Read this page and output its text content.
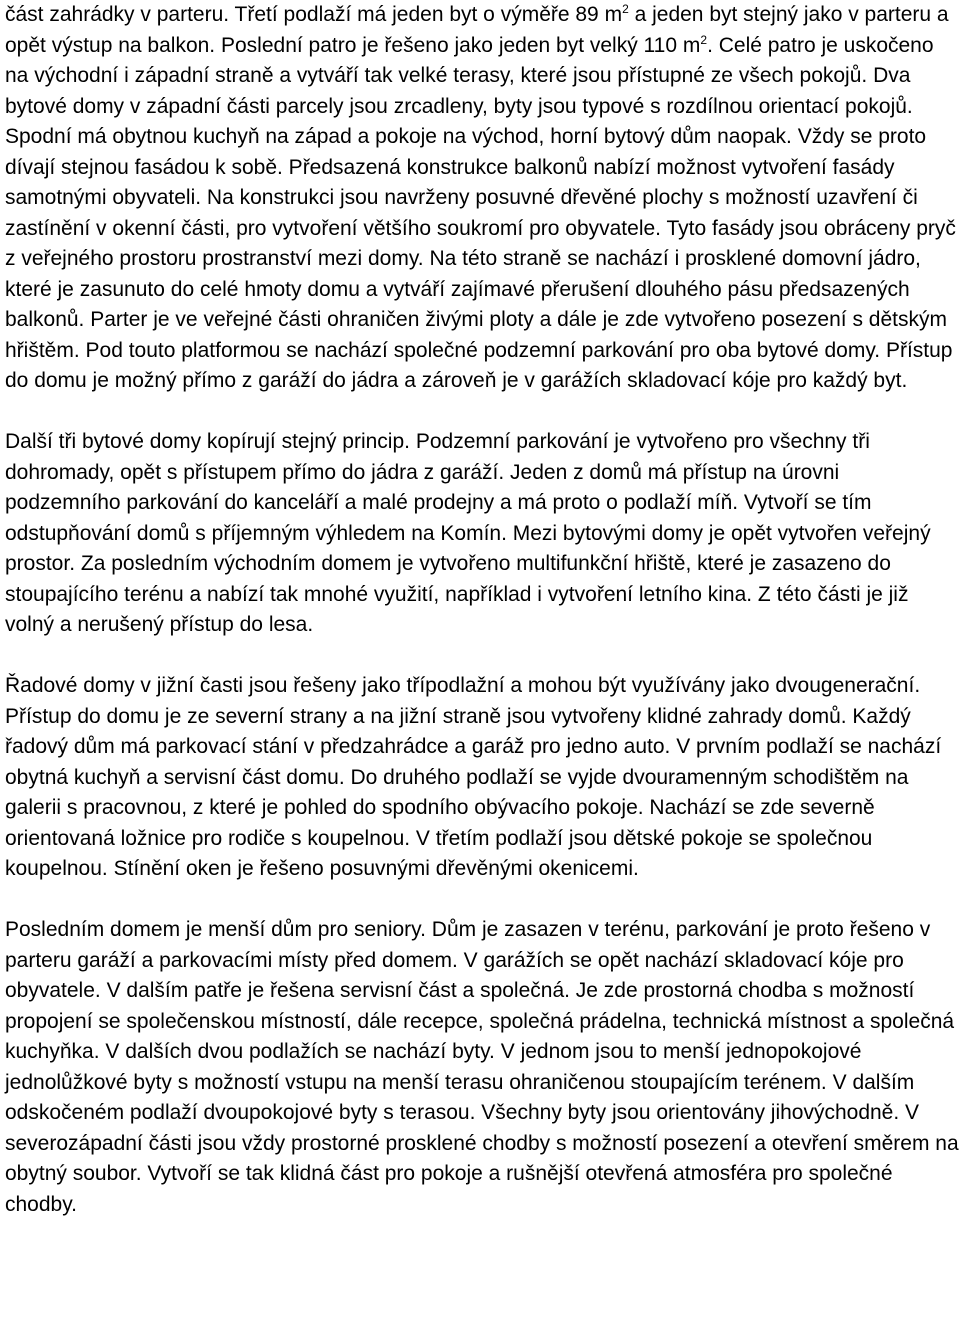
část zahrádky v parteru. Třetí podlaží má jeden byt o výměře 89 $m^2$ a jeden byt stejný jako v parteru a opět výstup na balkon. Poslední patro je řešeno jako jeden byt velký 110 $m^2$. Celé patro je uskočeno na východní i západní straně a vytváří tak velké terasy, které jsou přístupné ze všech pokojů. Dva bytové domy v západní části parcely jsou zrcadleny, byty jsou typové s rozdílnou orientací pokojů. Spodní má obytnou kuchyň na západ a pokoje na východ, horní bytový dům naopak. Vždy se proto dívají stejnou fasádou k sobě. Předsazená konstrukce balkonů nabízí možnost vytvoření fasády samotnými obyvateli. Na konstrukci jsou navrženy posuvné dřevěné plochy s možností uzavření či zastínění v okenní části, pro vytvoření většího soukromí pro obyvatele. Tyto fasády jsou obráceny pryč z veřejného prostoru prostranství mezi domy. Na této straně se nachází i prosklené domovní jádro, které je zasunuto do celé hmoty domu a vytváří zajímavé přerušení dlouhého pásu předsazených balkonů. Parter je ve veřejné části ohraničen živými ploty a dále je zde vytvořeno posezení s dětským hřištěm. Pod touto platformou se nachází společné podzemní parkování pro oba bytové domy. Přístup do domu je možný přímo z garáží do jádra a zároveň je v garážích skladovací kóje pro každý byt.

Další tři bytové domy kopírují stejný princip. Podzemní parkování je vytvořeno pro všechny tři dohromady, opět s přístupem přímo do jádra z garáží. Jeden z domů má přístup na úrovni podzemního parkování do kanceláří a malé prodejny a má proto o podlaží míň. Vytvoří se tím odstupňování domů s příjemným výhledem na Komín. Mezi bytovými domy je opět vytvořen veřejný prostor. Za posledním východním domem je vytvořeno multifunkční hřiště, které je zasazeno do stoupajícího terénu a nabízí tak mnohé využití, například i vytvoření letního kina. Z této části je již volný a nerušený přístup do lesa.

Řadové domy v jižní časti jsou řešeny jako třípodlažní a mohou být využívány jako dvougenerační. Přístup do domu je ze severní strany a na jižní straně jsou vytvořeny klidné zahrady domů. Každý řadový dům má parkovací stání v předzahrádce a garáž pro jedno auto. V prvním podlaží se nachází obytná kuchyň a servisní část domu. Do druhého podlaží se vyjde dvouramenným schodištěm na galerii s pracovnou, z které je pohled do spodního obývacího pokoje. Nachází se zde severně orientovaná ložnice pro rodiče s koupelnou. V třetím podlaží jsou dětské pokoje se společnou koupelnou. Stínění oken je řešeno posuvnými dřevěnými okenicemi.

Posledním domem je menší dům pro seniory. Dům je zasazen v terénu, parkování je proto řešeno v parteru garáží a parkovacími místy před domem. V garážích se opět nachází skladovací kóje pro obyvatele. V dalším patře je řešena servisní část a společná. Je zde prostorná chodba s možností propojení se společenskou místností, dále recepce, společná prádelna, technická místnost a společná kuchyňka. V dalších dvou podlažích se nachází byty. V jednom jsou to menší jednopokojové jednolůžkové byty s možností vstupu na menší terasu ohraničenou stoupajícím terénem. V dalším odskočeném podlaží dvoupokojové byty s terasou. Všechny byty jsou orientovány jihovýchodně. V severozápadní části jsou vždy prostorné prosklené chodby s možností posezení a otevření směrem na obytný soubor. Vytvoří se tak klidná část pro pokoje a rušnější otevřená atmosféra pro společné chodby.
